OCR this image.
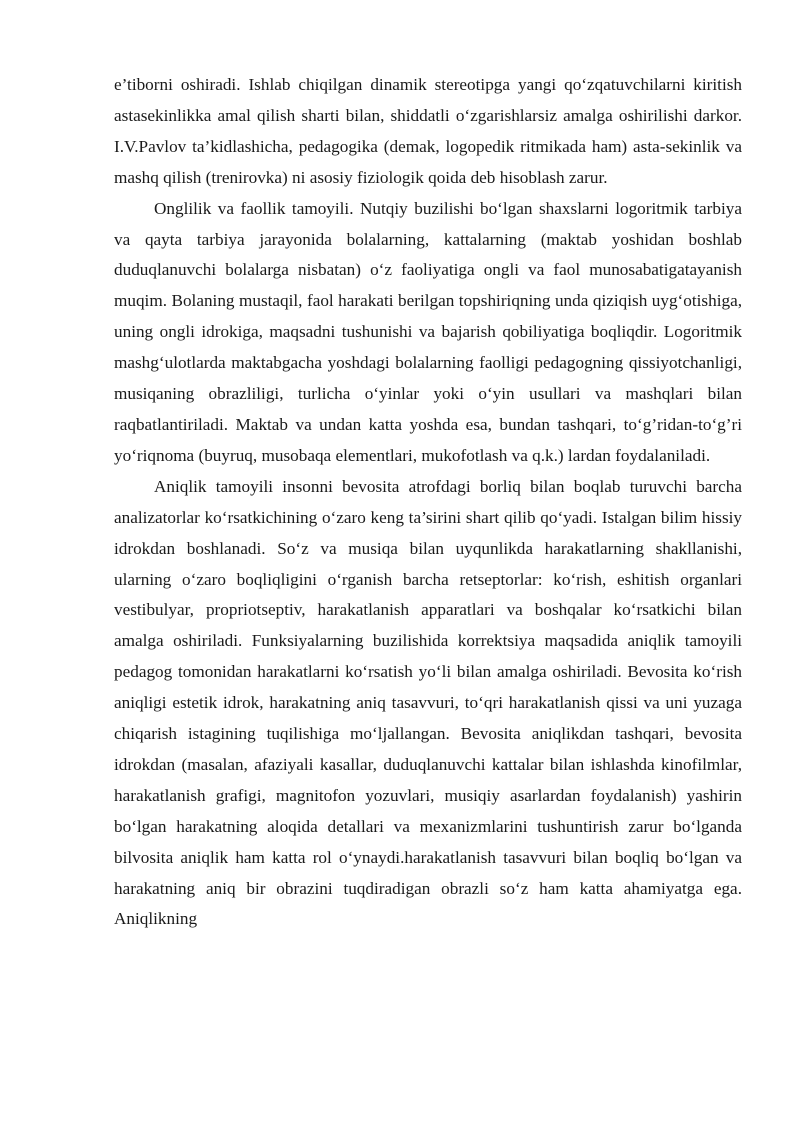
e’tiborni oshiradi. Ishlab chiqilgan dinamik stereotipga yangi qo‘zqatuvchilarni kiritish astasekinlikka amal qilish sharti bilan, shiddatli o‘zgarishlarsiz amalga oshirilishi darkor. I.V.Pavlov ta’kidlashicha, pedagogika (demak, logopedik ritmikada ham) asta-sekinlik va mashq qilish (trenirovka) ni asosiy fiziologik qoida deb hisoblash zarur.

Onglilik va faollik tamoyili. Nutqiy buzilishi bo‘lgan shaxslarni logoritmik tarbiya va qayta tarbiya jarayonida bolalarning, kattalarning (maktab yoshidan boshlab duduqlanuvchi bolalarga nisbatan) o‘z faoliyatiga ongli va faol munosabatigatayanish muqim. Bolaning mustaqil, faol harakati berilgan topshiriqning unda qiziqish uyg‘otishiga, uning ongli idrokiga, maqsadni tushunishi va bajarish qobiliyatiga boqliqdir. Logoritmik mashg‘ulotlarda maktabgacha yoshdagi bolalarning faolligi pedagogning qissiyotchanligi, musiqaning obrazliligi, turlicha o‘yinlar yoki o‘yin usullari va mashqlari bilan raqbatlantiriladi. Maktab va undan katta yoshda esa, bundan tashqari, to‘g’ridan-to‘g’ri yo‘riqnoma (buyruq, musobaqa elementlari, mukofotlash va q.k.) lardan foydalaniladi.

Aniqlik tamoyili insonni bevosita atrofdagi borliq bilan boqlab turuvchi barcha analizatorlar ko‘rsatkichining o‘zaro keng ta’sirini shart qilib qo‘yadi. Istalgan bilim hissiy idrokdan boshlanadi. So‘z va musiqa bilan uyqunlikda harakatlarning shakllanishi, ularning o‘zaro boqliqligini o‘rganish barcha retseptorlar: ko‘rish, eshitish organlari vestibulyar, propriotseptiv, harakatlanish apparatlari va boshqalar ko‘rsatkichi bilan amalga oshiriladi. Funksiyalarning buzilishida korrektsiya maqsadida aniqlik tamoyili pedagog tomonidan harakatlarni ko‘rsatish yo‘li bilan amalga oshiriladi. Bevosita ko‘rish aniqligi estetik idrok, harakatning aniq tasavvuri, to‘qri harakatlanish qissi va uni yuzaga chiqarish istagining tuqilishiga mo‘ljallangan. Bevosita aniqlikdan tashqari, bevosita idrokdan (masalan, afaziyali kasallar, duduqlanuvchi kattalar bilan ishlashda kinofilmlar, harakatlanish grafigi, magnitofon yozuvlari, musiqiy asarlardan foydalanish) yashirin bo‘lgan harakatning aloqida detallari va mexanizmlarini tushuntirish zarur bo‘lganda bilvosita aniqlik ham katta rol o‘ynaydi.harakatlanish tasavvuri bilan boqliq bo‘lgan va harakatning aniq bir obrazini tuqdiradigan obrazli so‘z ham katta ahamiyatga ega. Aniqlikning
